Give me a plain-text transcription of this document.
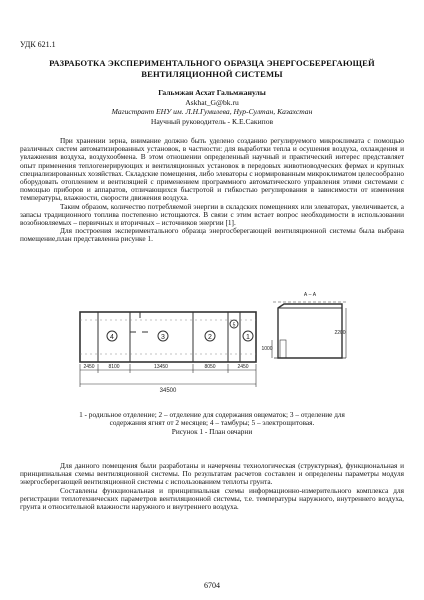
УДК 621.1
РАЗРАБОТКА ЭКСПЕРИМЕНТАЛЬНОГО ОБРАЗЦА ЭНЕРГОСБЕРЕГАЮЩЕЙ
ВЕНТИЛЯЦИОННОЙ СИСТЕМЫ
Гальмжан Асхат Гальмжанулы
Askhat_G@bk.ru
Магистрант ЕНУ им. Л.Н.Гумилева, Нур-Султан, Казахстан
Научный руководитель - К.Е.Сакипов

При хранении зерна, внимание должно быть уделено созданию регулируемого микроклимата с помощью различных систем автоматизированных установок, в частности: для выработки тепла и осушения воздуха, охлаждения и увлажнения воздуха, воздухообмена. В этом отношении определенный научный и практический интерес представляет опыт применения теплогенерирующих и вентиляционных установок в передовых животноводческих фермах и крупных специализированных хозяйствах. Складские помещения, либо элеваторы с нормированным микроклиматом целесообразно оборудовать отоплением и вентиляцией с применением программного автоматического управления этими системами с помощью приборов и аппаратов, отличающихся быстротой и гибкостью регулирования в зависимости от изменения температуры, влажности, скорости движения воздуха.

Таким образом, количество потребляемой энергии в складских помещениях или элеваторах, увеличивается, а запасы традиционного топлива постепенно истощаются. В связи с этим встает вопрос необходимости в использовании возобновляемых – первичных и вторичных – источников энергии [1].

Для построения экспериментального образца энергосберегающей вентиляционной системы была выбрана помещение,план представленна рисунке 1.

4	3	2	1
5
2450	8100	13450	8050	2450
34500
А – А
1000
2200
1 - родильное отделение; 2 – отделение для содержания овцематок; 3 – отделение для
содержания ягнят от 2 месяцев; 4 – тамбуры; 5 – электрощитовая.
Рисунок 1 - План овчарни

Для данного помещения были разработаны и начерчены технологическая (структурная), функциональная и принципиальная схемы вентиляционной системы. По результатам расчетов составлен и определены параметры модуля энергосберегающей вентиляционной системы с использованием теплоты грунта.

Составлены функциональная и принципиальная схемы информационно-измерительного комплекса для регистрации теплотехнических параметров вентиляционной системы, т.е. температуры наружного, внутреннего воздуха, грунта и относительной влажности наружного и внутреннего воздуха.

6704
